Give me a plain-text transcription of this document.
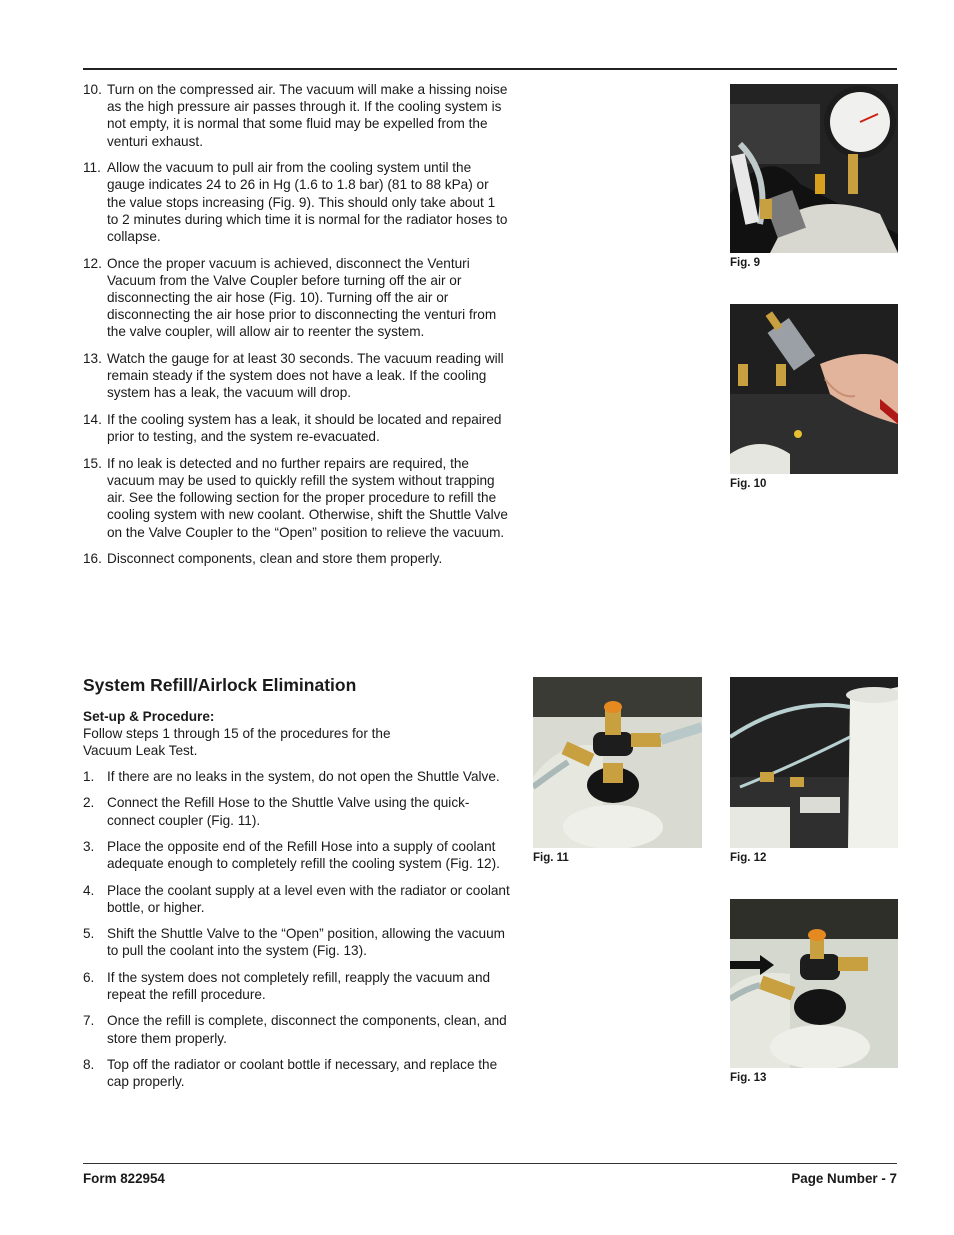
10. Turn on the compressed air. The vacuum will make a hissing noise as the high pressure air passes through it. If the cooling system is not empty, it is normal that some fluid may be expelled from the venturi exhaust.
11. Allow the vacuum to pull air from the cooling system until the gauge indicates 24 to 26 in Hg (1.6 to 1.8 bar) (81 to 88 kPa) or the value stops increasing (Fig. 9). This should only take about 1 to 2 minutes during which time it is normal for the radiator hoses to collapse.
12. Once the proper vacuum is achieved, disconnect the Venturi Vacuum from the Valve Coupler before turning off the air or disconnecting the air hose (Fig. 10). Turning off the air or disconnecting the air hose prior to disconnecting the venturi from the valve coupler, will allow air to reenter the system.
13. Watch the gauge for at least 30 seconds. The vacuum reading will remain steady if the system does not have a leak. If the cooling system has a leak, the vacuum will drop.
14. If the cooling system has a leak, it should be located and repaired prior to testing, and the system re-evacuated.
15. If no leak is detected and no further repairs are required, the vacuum may be used to quickly refill the system without trapping air. See the following section for the proper procedure to refill the cooling system with new coolant. Otherwise, shift the Shuttle Valve on the Valve Coupler to the “Open” position to relieve the vacuum.
16. Disconnect components, clean and store them properly.
Fig. 9
Fig. 10
System Refill/Airlock Elimination
Set-up & Procedure:
Follow steps 1 through 15 of the procedures for the Vacuum Leak Test.
1. If there are no leaks in the system, do not open the Shuttle Valve.
2. Connect the Refill Hose to the Shuttle Valve using the quick-connect coupler (Fig. 11).
3. Place the opposite end of the Refill Hose into a supply of coolant adequate enough to completely refill the cooling system (Fig. 12).
4. Place the coolant supply at a level even with the radiator or coolant bottle, or higher.
5. Shift the Shuttle Valve to the “Open” position, allowing the vacuum to pull the coolant into the system (Fig. 13).
6. If the system does not completely refill, reapply the vacuum and repeat the refill procedure.
7. Once the refill is complete, disconnect the components, clean, and store them properly.
8. Top off the radiator or coolant bottle if necessary, and replace the cap properly.
Fig. 11	Fig. 12
Fig. 13
Form 822954	Page Number - 7
